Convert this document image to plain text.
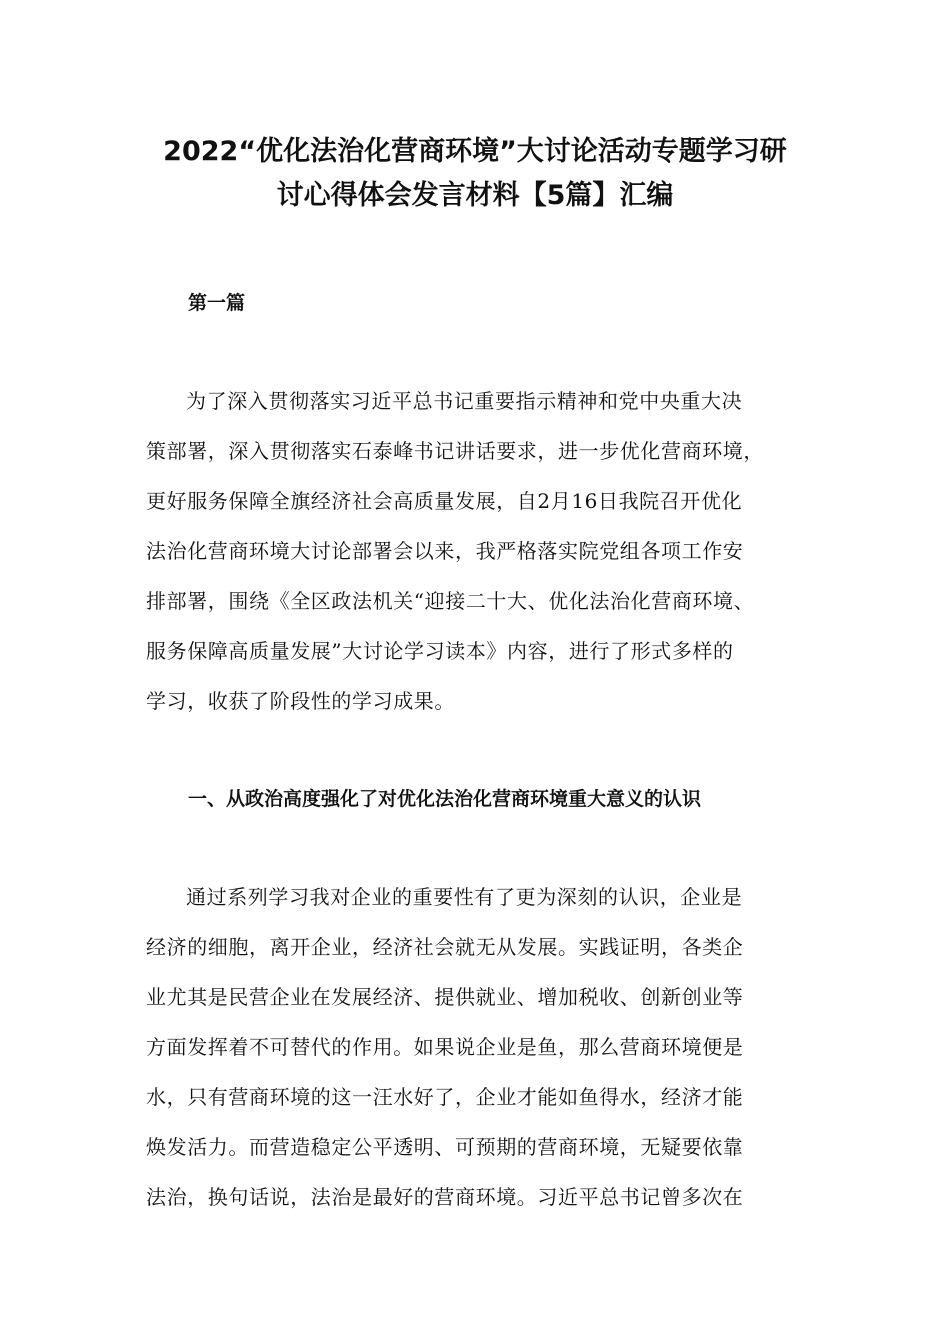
2022“优化法治化营商环境”大讨论活动专题学习研
讨心得体会发言材料【5篇】汇编
第一篇
为了深入贯彻落实习近平总书记重要指示精神和党中央重大决
策部署，深入贯彻落实石泰峰书记讲话要求，进一步优化营商环境，
更好服务保障全旗经济社会高质量发展，自2月16日我院召开优化
法治化营商环境大讨论部署会以来，我严格落实院党组各项工作安
排部署，围绕《全区政法机关“迎接二十大、优化法治化营商环境、
服务保障高质量发展”大讨论学习读本》内容，进行了形式多样的
学习，收获了阶段性的学习成果。
一、从政治高度强化了对优化法治化营商环境重大意义的认识
通过系列学习我对企业的重要性有了更为深刻的认识，企业是
经济的细胞，离开企业，经济社会就无从发展。实践证明，各类企
业尤其是民营企业在发展经济、提供就业、增加税收、创新创业等
方面发挥着不可替代的作用。如果说企业是鱼，那么营商环境便是
水，只有营商环境的这一汪水好了，企业才能如鱼得水，经济才能
焕发活力。而营造稳定公平透明、可预期的营商环境，无疑要依靠
法治，换句话说，法治是最好的营商环境。习近平总书记曾多次在
